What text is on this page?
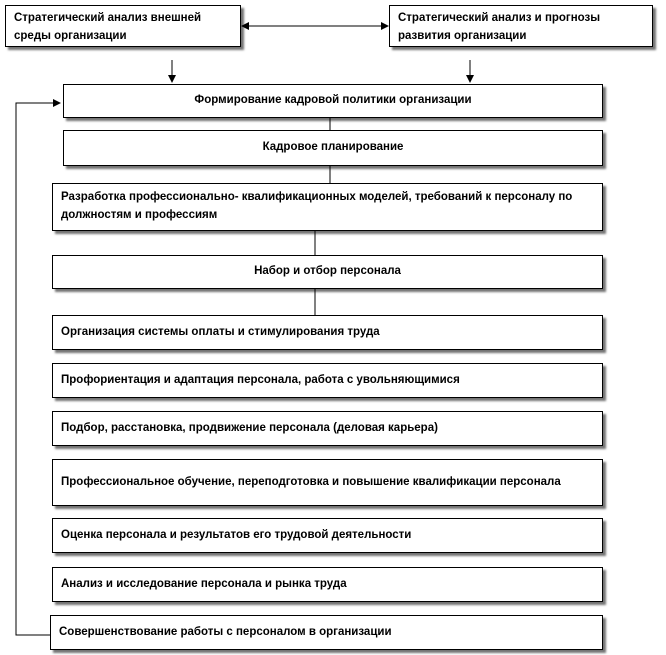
Стратегический анализ внешней среды организации
Стратегический анализ и прогнозы развития организации
Формирование кадровой политики организации
Кадровое планирование
Разработка профессионально- квалификационных моделей, требований к персоналу по должностям и профессиям
Набор и отбор персонала
Организация системы оплаты и стимулирования труда
Профориентация и адаптация персонала, работа с увольняющимися
Подбор, расстановка, продвижение персонала (деловая карьера)
Профессиональное обучение, переподготовка и повышение квалификации персонала
Оценка персонала и результатов его трудовой деятельности
Анализ и исследование персонала и рынка труда
Совершенствование работы с персоналом в организации
